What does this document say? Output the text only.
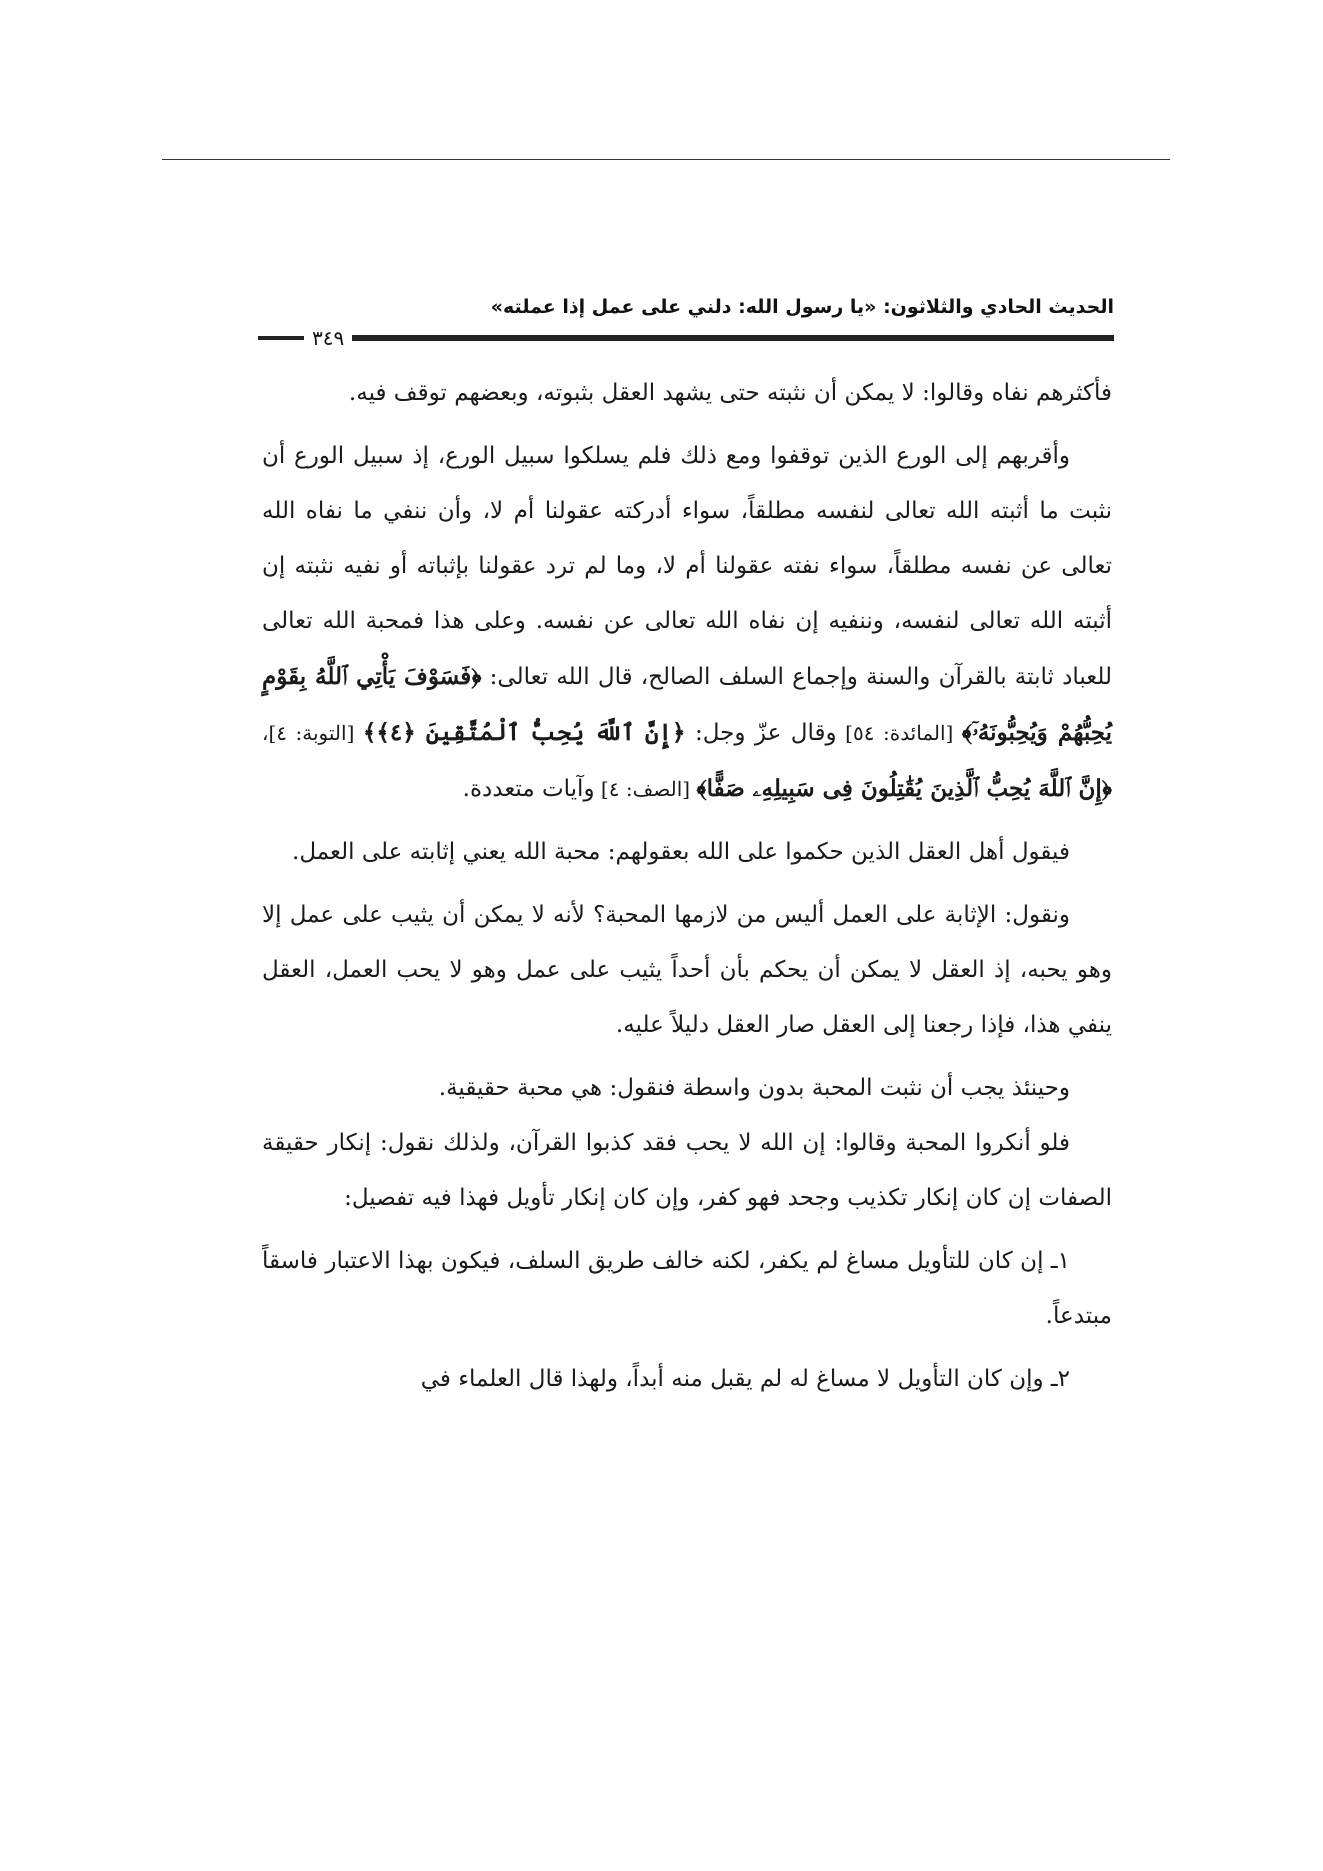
الحديث الحادي والثلاثون: «يا رسول الله: دلني على عمل إذا عملته»
٣٤٩

فأكثرهم نفاه وقالوا: لا يمكن أن نثبته حتى يشهد العقل بثبوته، وبعضهم توقف فيه.

وأقربهم إلى الورع الذين توقفوا ومع ذلك فلم يسلكوا سبيل الورع، إذ سبيل الورع أن نثبت ما أثبته الله تعالى لنفسه مطلقاً، سواء أدركته عقولنا أم لا، وأن ننفي ما نفاه الله تعالى عن نفسه مطلقاً، سواء نفته عقولنا أم لا، وما لم ترد عقولنا بإثباته أو نفيه نثبته إن أثبته الله تعالى لنفسه، وننفيه إن نفاه الله تعالى عن نفسه. وعلى هذا فمحبة الله تعالى للعباد ثابتة بالقرآن والسنة وإجماع السلف الصالح، قال الله تعالى: ﴿فَسَوْفَ يَأْتِي ٱللَّهُ بِقَوْمٍ يُحِبُّهُمْ وَيُحِبُّونَهُۥٓ﴾ [المائدة: ٥٤] وقال عزّ وجل: ﴿إِنَّ ٱللَّهَ يُحِبُّ ٱلْمُتَّقِينَ ﴿٤﴾﴾ [التوبة: ٤]، ﴿إِنَّ ٱللَّهَ يُحِبُّ ٱلَّذِينَ يُقَٰتِلُونَ فِى سَبِيلِهِۦ صَفًّا﴾ [الصف: ٤] وآيات متعددة.

فيقول أهل العقل الذين حكموا على الله بعقولهم: محبة الله يعني إثابته على العمل.

ونقول: الإثابة على العمل أليس من لازمها المحبة؟ لأنه لا يمكن أن يثيب على عمل إلا وهو يحبه، إذ العقل لا يمكن أن يحكم بأن أحداً يثيب على عمل وهو لا يحب العمل، العقل ينفي هذا، فإذا رجعنا إلى العقل صار العقل دليلاً عليه.

وحينئذ يجب أن نثبت المحبة بدون واسطة فنقول: هي محبة حقيقية.

فلو أنكروا المحبة وقالوا: إن الله لا يحب فقد كذبوا القرآن، ولذلك نقول: إنكار حقيقة الصفات إن كان إنكار تكذيب وجحد فهو كفر، وإن كان إنكار تأويل فهذا فيه تفصيل:

١ـ إن كان للتأويل مساغ لم يكفر، لكنه خالف طريق السلف، فيكون بهذا الاعتبار فاسقاً مبتدعاً.

٢ـ وإن كان التأويل لا مساغ له لم يقبل منه أبداً، ولهذا قال العلماء في
